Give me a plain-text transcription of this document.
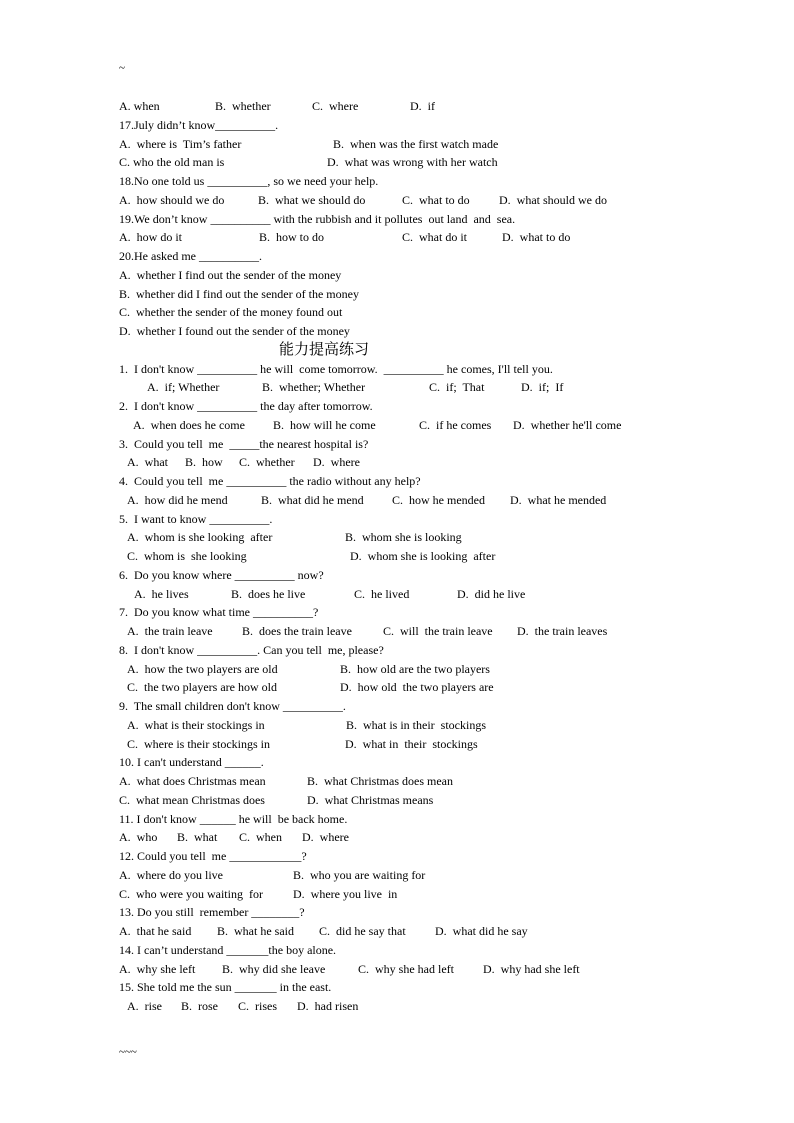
~
A. when	B.  whether	C.  where	D.  if
17.July didn’t know__________.
A.  where is  Tim’s father	B.  when was the first watch made
C. who the old man is	D.  what was wrong with her watch
18.No one told us __________, so we need your help.
A.  how should we do	B.  what we should do	C.  what to do D.  what should we do
19.We don’t know __________ with the rubbish and it pollutes  out land  and  sea.
A.  how do it	B.  how to do	C.  what do it	D.  what to do
20.He asked me __________.
A.  whether I find out the sender of the money
B.  whether did I find out the sender of the money
C.  whether the sender of the money found out
D.  whether I found out the sender of the money
能力提高练习
1.  I don't know __________ he will  come tomorrow.  __________ he comes, I'll tell you.
A.  if; Whether	B.  whether; Whether	C.  if;  That	D.  if;  If
2.  I don't know __________ the day after tomorrow.
A.  when does he come B.  how will he come	C.  if he comes D.  whether he'll come
3.  Could you tell  me  _____the nearest hospital is?
A.  what B.  how C.  whether D.  where
4.  Could you tell  me __________ the radio without any help?
A.  how did he mend	B.  what did he mend C.  how he mended D.  what he mended
5.  I want to know __________.
A.  whom is she looking  after	B.  whom she is looking
C.  whom is  she looking	D.  whom she is looking  after
6.  Do you know where __________ now?
A.  he lives	B.  does he live	C.  he lived	D.  did he live
7.  Do you know what time __________?
A.  the train leave B.  does the train leave	C.  will  the train leave D.  the train leaves
8.  I don't know __________. Can you tell  me, please?
A.  how the two players are old	B.  how old are the two players
C.  the two players are how old	D.  how old  the two players are
9.  The small children don't know __________.
A.  what is their stockings in	B.  what is in their  stockings
C.  where is their stockings in	D.  what in  their  stockings
10. I can't understand ______.
A.  what does Christmas mean	B.  what Christmas does mean
C.  what mean Christmas does	D.  what Christmas means
11. I don't know ______ he will  be back home.
A.  who B.  what C.  when D.  where
12. Could you tell  me ____________?
A.  where do you live	B.  who you are waiting for
C.  who were you waiting  for	D.  where you live  in
13. Do you still  remember ________?
A.  that he said B.  what he said C.  did he say that D.  what did he say
14. I can’t understand _______the boy alone.
A.  why she left B.  why did she leave	C.  why she had left D.  why had she left
15. She told me the sun _______ in the east.
A.  rise B.  rose C.  rises D.  had risen
~~~
